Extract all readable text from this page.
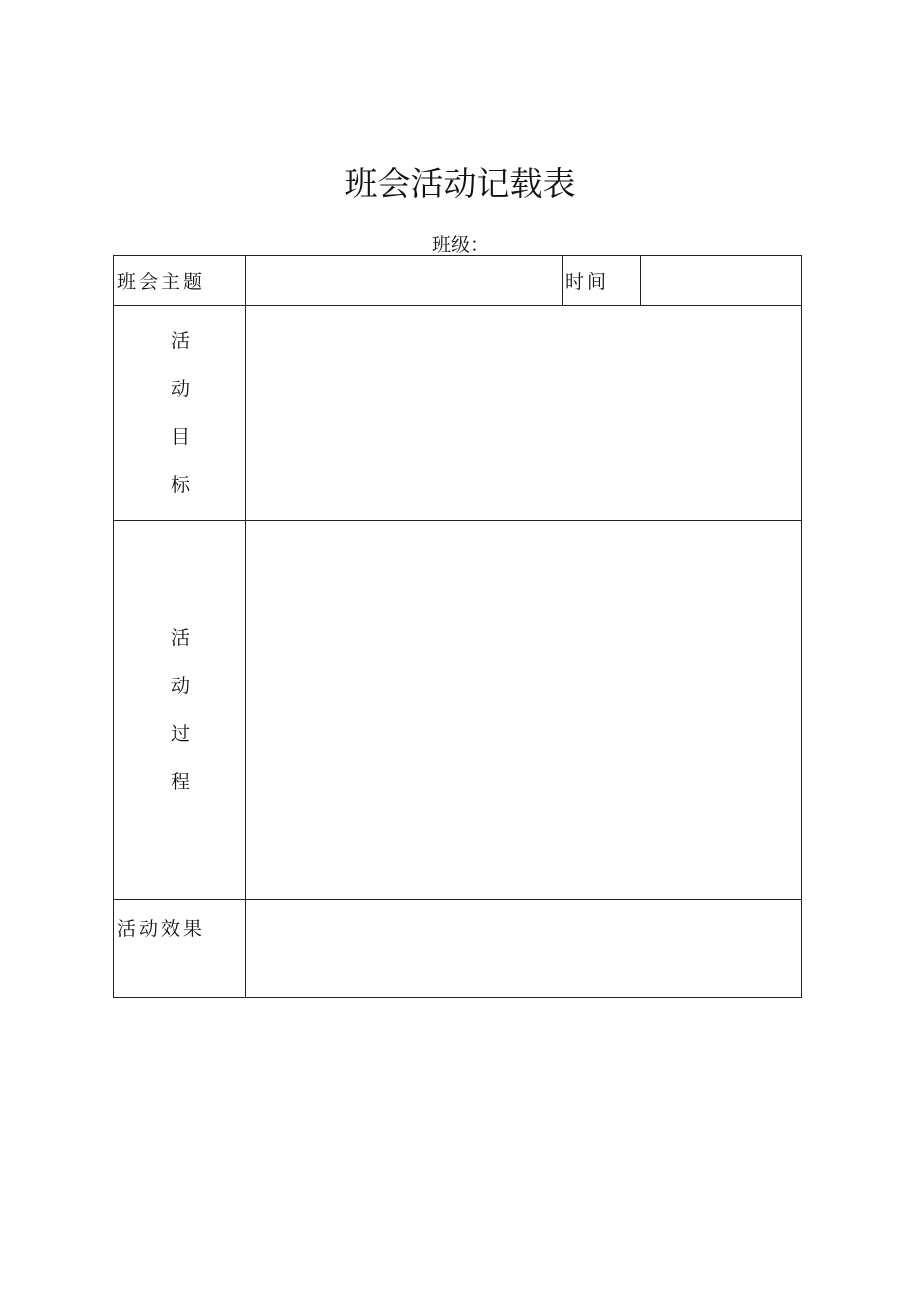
班会活动记载表
班级：
班会主题		时间	

活
动
目
标			

活
动
过
程			

活动效果			
